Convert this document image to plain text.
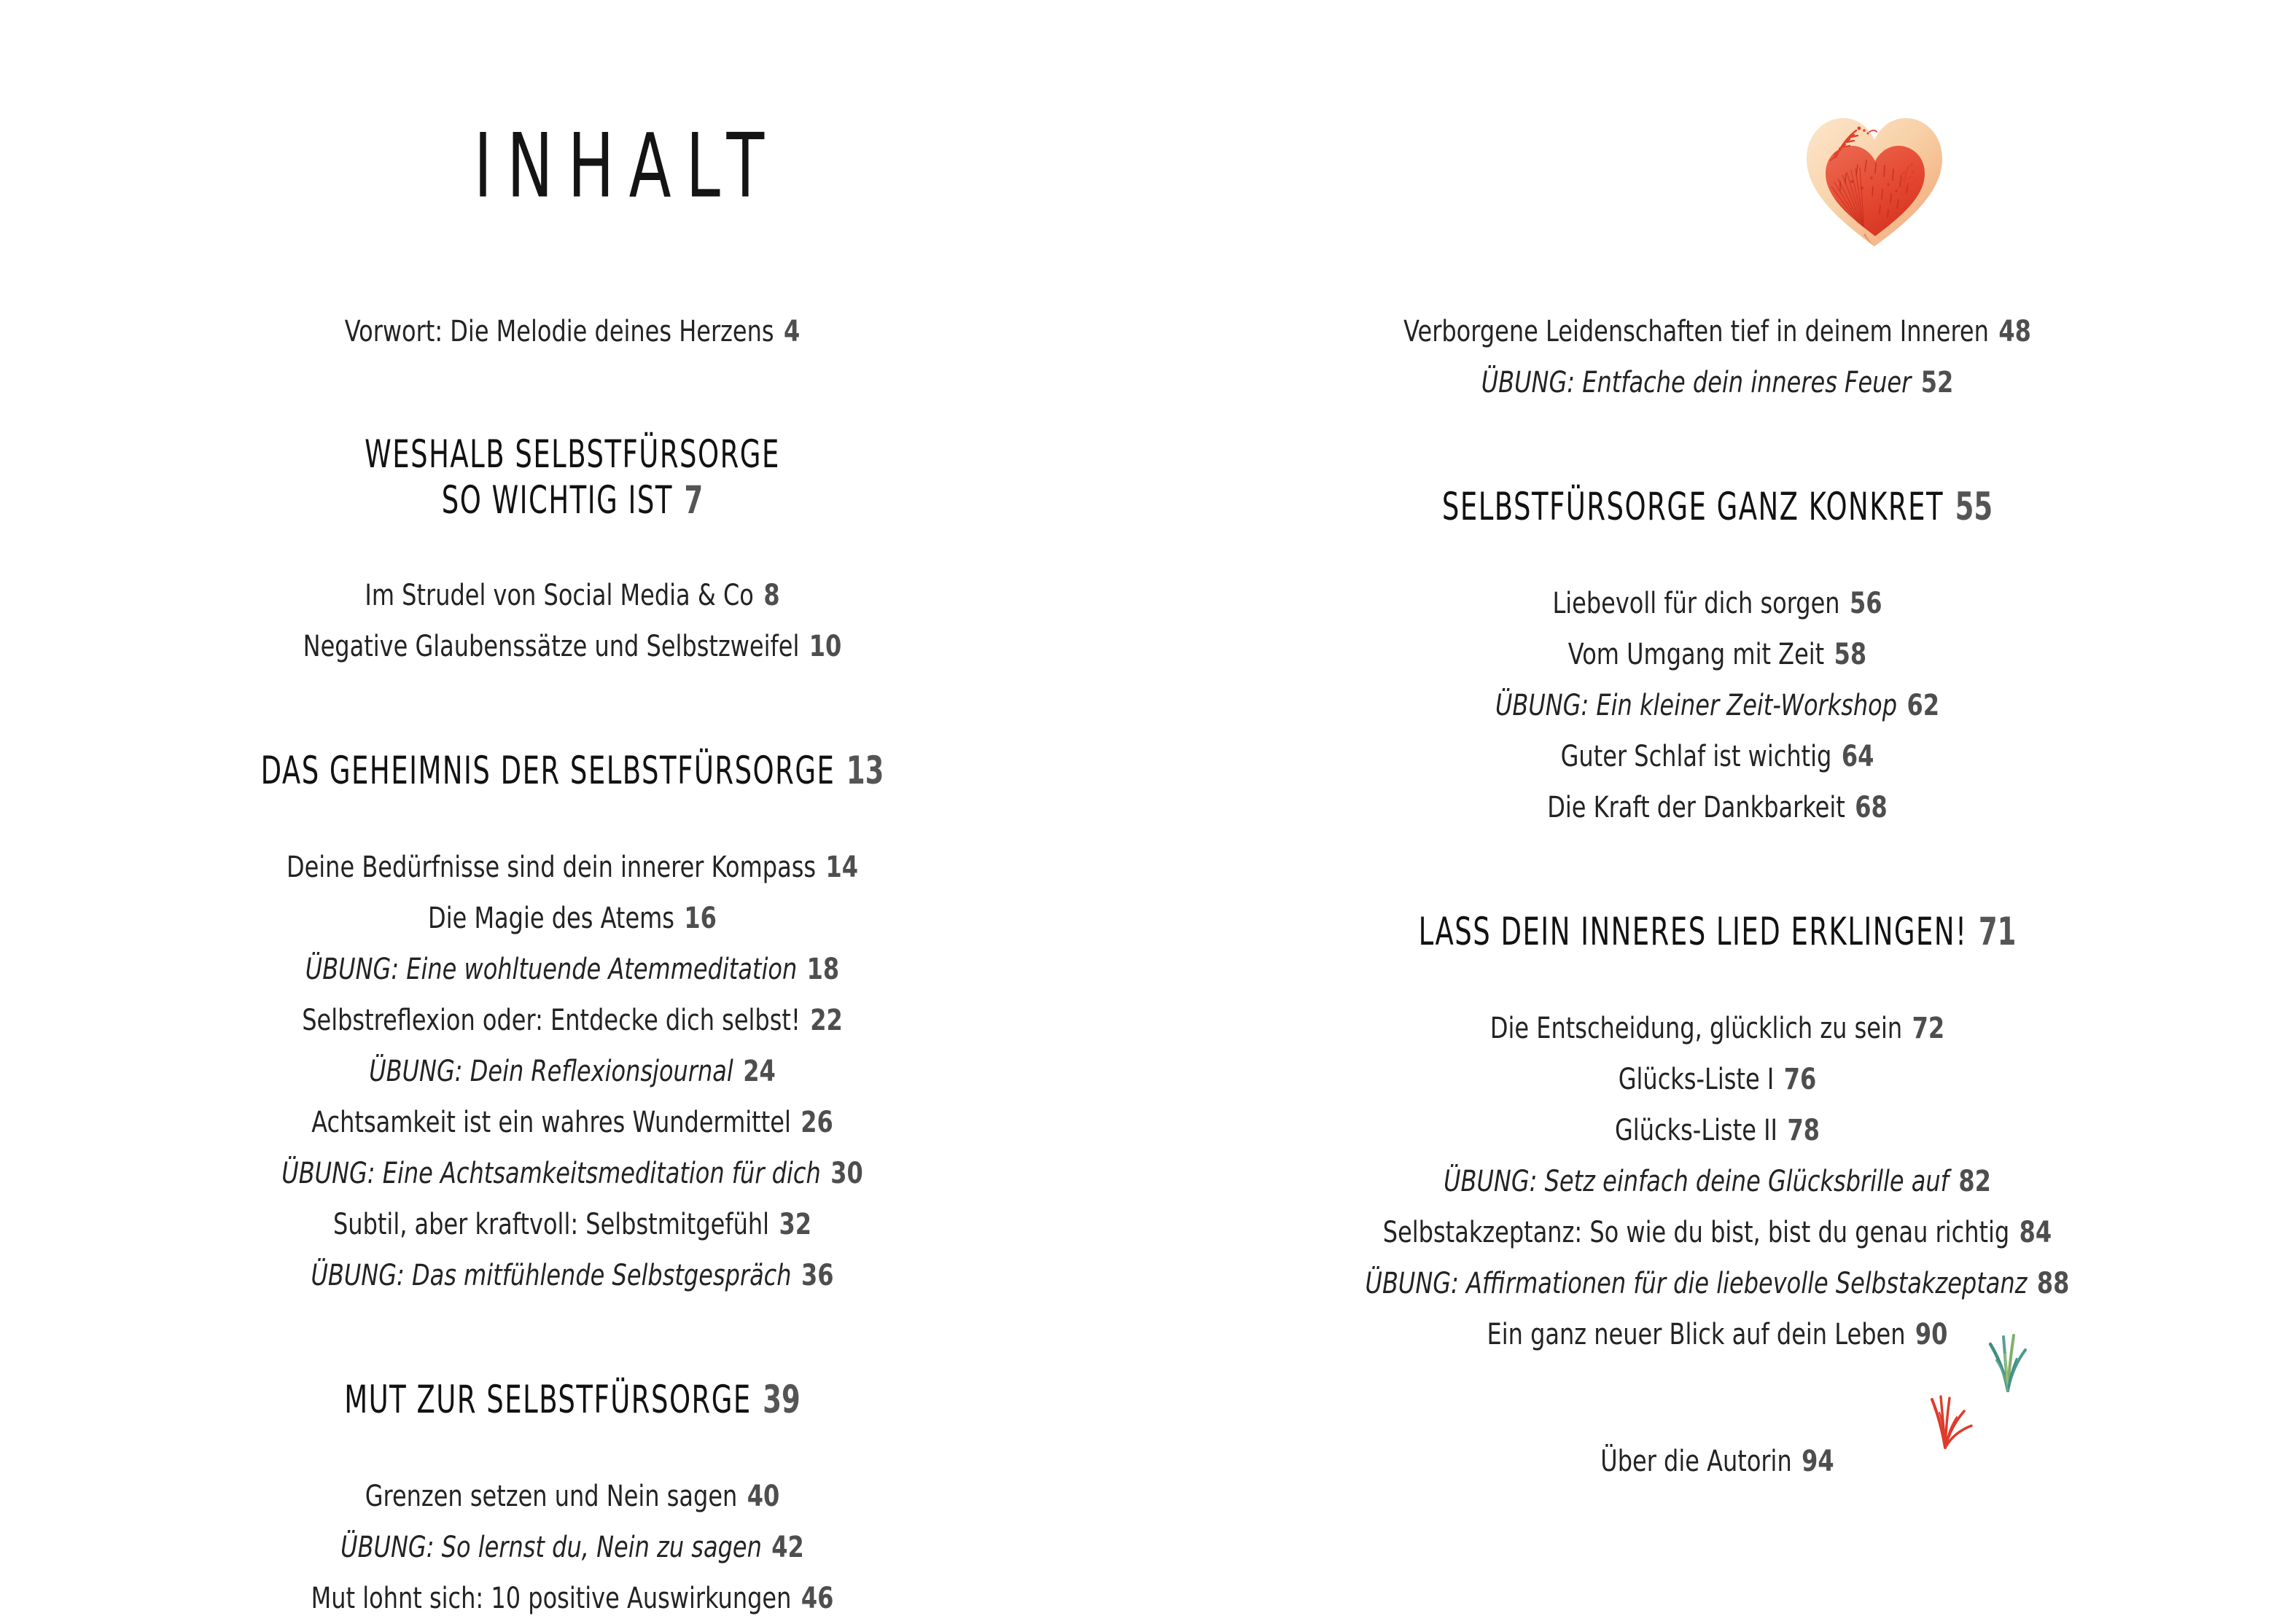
INHALT
Vorwort: Die Melodie deines Herzens 4
WESHALB SELBSTFÜRSORGE
SO WICHTIG IST 7
Im Strudel von Social Media & Co 8
Negative Glaubenssätze und Selbstzweifel 10
DAS GEHEIMNIS DER SELBSTFÜRSORGE 13
Deine Bedürfnisse sind dein innerer Kompass 14
Die Magie des Atems 16
ÜBUNG: Eine wohltuende Atemmeditation 18
Selbstreflexion oder: Entdecke dich selbst! 22
ÜBUNG: Dein Reflexionsjournal 24
Achtsamkeit ist ein wahres Wundermittel 26
ÜBUNG: Eine Achtsamkeitsmeditation für dich 30
Subtil, aber kraftvoll: Selbstmitgefühl 32
ÜBUNG: Das mitfühlende Selbstgespräch 36
MUT ZUR SELBSTFÜRSORGE 39
Grenzen setzen und Nein sagen 40
ÜBUNG: So lernst du, Nein zu sagen 42
Mut lohnt sich: 10 positive Auswirkungen 46
Verborgene Leidenschaften tief in deinem Inneren 48
ÜBUNG: Entfache dein inneres Feuer 52
SELBSTFÜRSORGE GANZ KONKRET 55
Liebevoll für dich sorgen 56
Vom Umgang mit Zeit 58
ÜBUNG: Ein kleiner Zeit-Workshop 62
Guter Schlaf ist wichtig 64
Die Kraft der Dankbarkeit 68
LASS DEIN INNERES LIED ERKLINGEN! 71
Die Entscheidung, glücklich zu sein 72
Glücks-Liste I 76
Glücks-Liste II 78
ÜBUNG: Setz einfach deine Glücksbrille auf 82
Selbstakzeptanz: So wie du bist, bist du genau richtig 84
ÜBUNG: Affirmationen für die liebevolle Selbstakzeptanz 88
Ein ganz neuer Blick auf dein Leben 90
Über die Autorin 94
